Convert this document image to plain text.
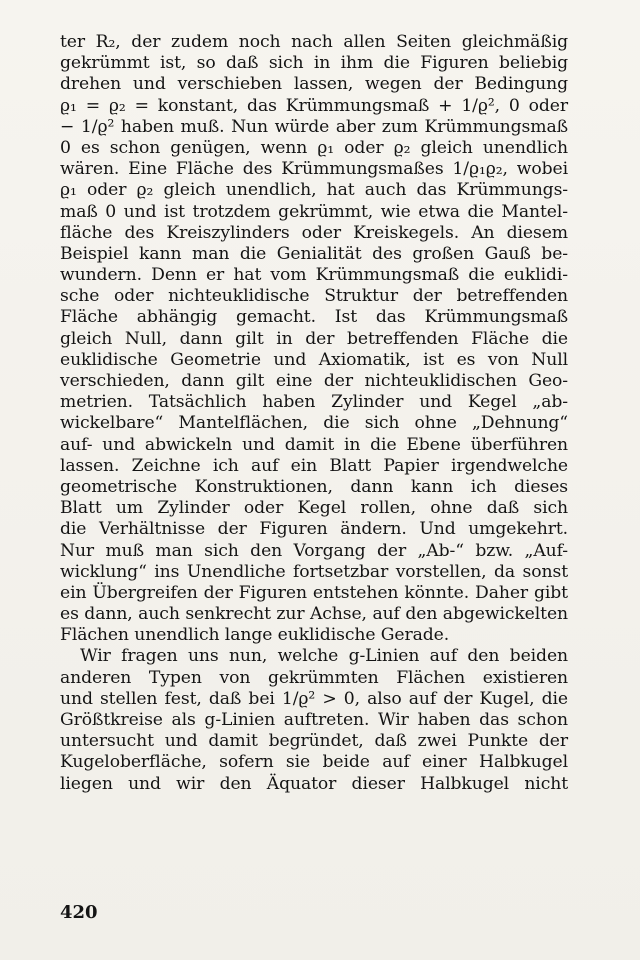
ter R₂, der zudem noch nach allen Seiten gleichmäßig
gekrümmt ist, so daß sich in ihm die Figuren beliebig
drehen und verschieben lassen, wegen der Bedingung
ϱ₁ = ϱ₂ = konstant, das Krümmungsmaß + 1/ϱ², 0 oder
− 1/ϱ² haben muß. Nun würde aber zum Krümmungsmaß
0 es schon genügen, wenn ϱ₁ oder ϱ₂ gleich unendlich
wären. Eine Fläche des Krümmungsmaßes 1/ϱ₁ϱ₂, wobei
ϱ₁ oder ϱ₂ gleich unendlich, hat auch das Krümmungs-
maß 0 und ist trotzdem gekrümmt, wie etwa die Mantel-
fläche des Kreiszylinders oder Kreiskegels. An diesem
Beispiel kann man die Genialität des großen Gauß be-
wundern. Denn er hat vom Krümmungsmaß die euklidi-
sche oder nichteuklidische Struktur der betreffenden
Fläche abhängig gemacht. Ist das Krümmungsmaß
gleich Null, dann gilt in der betreffenden Fläche die
euklidische Geometrie und Axiomatik, ist es von Null
verschieden, dann gilt eine der nichteuklidischen Geo-
metrien. Tatsächlich haben Zylinder und Kegel „ab-
wickelbare“ Mantelflächen, die sich ohne „Dehnung“
auf- und abwickeln und damit in die Ebene überführen
lassen. Zeichne ich auf ein Blatt Papier irgendwelche
geometrische Konstruktionen, dann kann ich dieses
Blatt um Zylinder oder Kegel rollen, ohne daß sich
die Verhältnisse der Figuren ändern. Und umgekehrt.
Nur muß man sich den Vorgang der „Ab-“ bzw. „Auf-
wicklung“ ins Unendliche fortsetzbar vorstellen, da sonst
ein Übergreifen der Figuren entstehen könnte. Daher gibt
es dann, auch senkrecht zur Achse, auf den abgewickelten
Flächen unendlich lange euklidische Gerade.
Wir fragen uns nun, welche g-Linien auf den beiden
anderen Typen von gekrümmten Flächen existieren
und stellen fest, daß bei 1/ϱ² > 0, also auf der Kugel, die
Größtkreise als g-Linien auftreten. Wir haben das schon
untersucht und damit begründet, daß zwei Punkte der
Kugeloberfläche, sofern sie beide auf einer Halbkugel
liegen und wir den Äquator dieser Halbkugel nicht
420
